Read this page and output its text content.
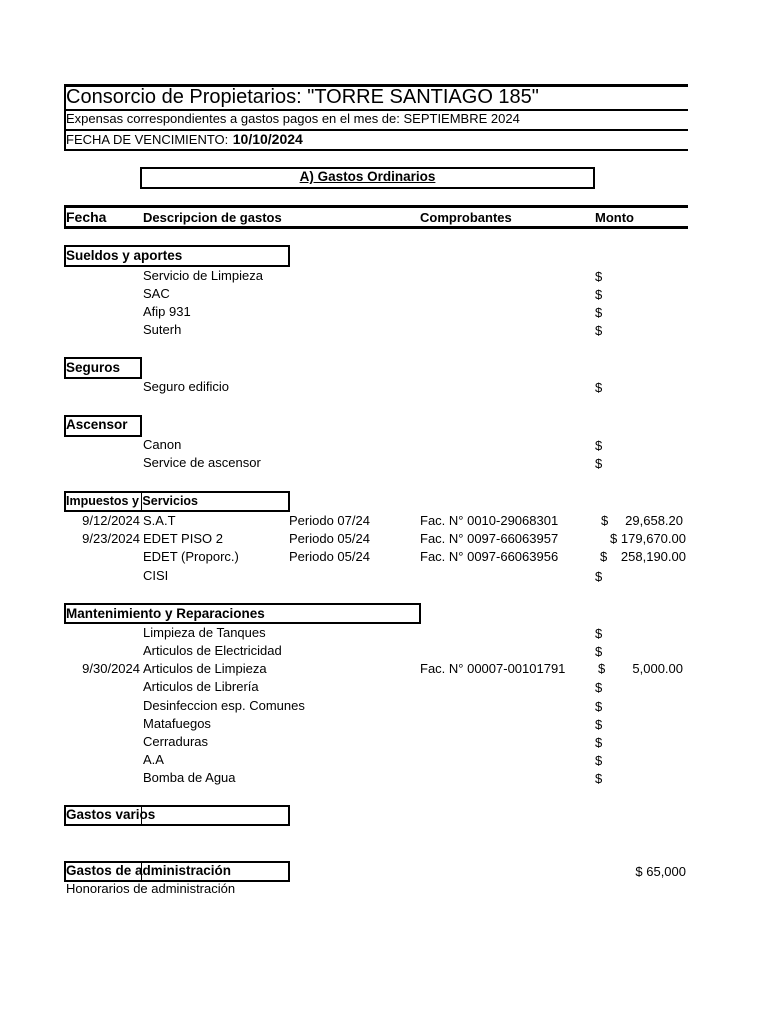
Consorcio de Propietarios: "TORRE SANTIAGO 185"
Expensas correspondientes a gastos pagos en el mes de: SEPTIEMBRE 2024
FECHA DE VENCIMIENTO: 10/10/2024
A) Gastos Ordinarios
Fecha	Descripcion de gastos	Comprobantes	Monto
Sueldos y aportes
Servicio de Limpieza	$
SAC	$
Afip 931	$
Suterh	$
Seguros
Seguro edificio	$
Ascensor
Canon	$
Service de ascensor	$
Impuestos y Servicios
9/12/2024 S.A.T	Periodo 07/24	Fac. N° 0010-29068301	$	29,658.20
9/23/2024 EDET PISO 2	Periodo 05/24	Fac. N° 0097-66063957	$ 179,670.00
EDET (Proporc.)	Periodo 05/24	Fac. N° 0097-66063956	$	258,190.00
CISI	$
Mantenimiento y Reparaciones
Limpieza de Tanques	$
Articulos de Electricidad	$
9/30/2024 Articulos de Limpieza	Fac. N° 00007-00101791	$	5,000.00
Articulos de Librería	$
Desinfeccion esp. Comunes	$
Matafuegos	$
Cerraduras	$
A.A	$
Bomba de Agua	$
Gastos varios
Gastos de administración	$ 65,000
Honorarios de administración
